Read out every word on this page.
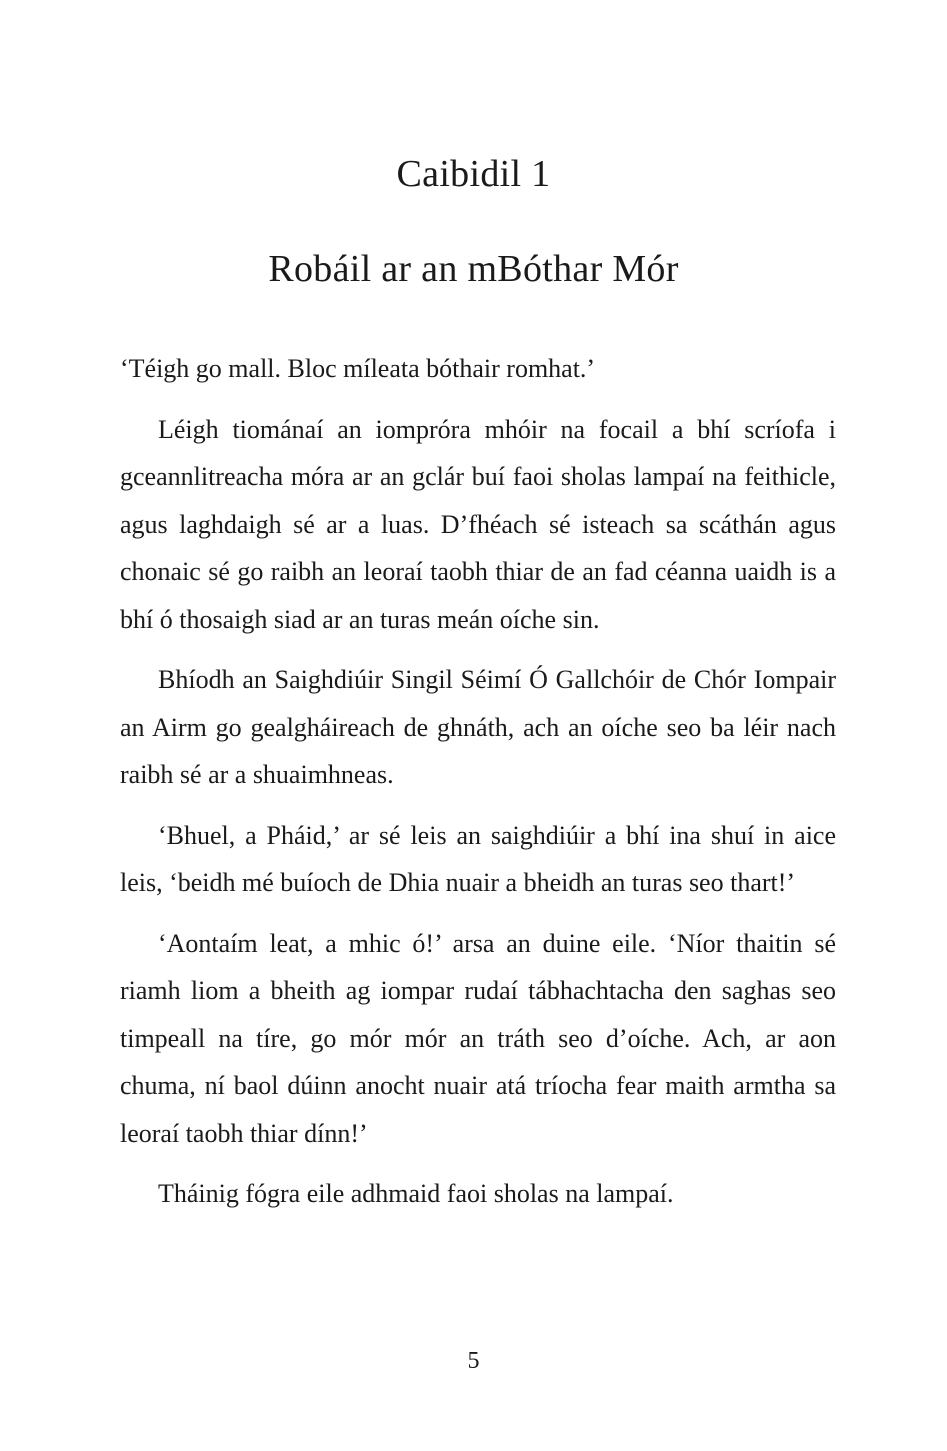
Caibidil 1
Robáil ar an mBóthar Mór

‘Téigh go mall. Bloc míleata bóthair romhat.’

Léigh tiománaí an iompróra mhóir na focail a bhí scríofa i gceannlitreacha móra ar an gclár buí faoi sholas lampaí na feithicle, agus laghdaigh sé ar a luas. D’fhéach sé isteach sa scáthán agus chonaic sé go raibh an leoraí taobh thiar de an fad céanna uaidh is a bhí ó thosaigh siad ar an turas meán oíche sin.

Bhíodh an Saighdiúir Singil Séimí Ó Gallchóir de Chór Iompair an Airm go gealgháireach de ghnáth, ach an oíche seo ba léir nach raibh sé ar a shuaimhneas.

‘Bhuel, a Pháid,’ ar sé leis an saighdiúir a bhí ina shuí in aice leis, ‘beidh mé buíoch de Dhia nuair a bheidh an turas seo thart!’

‘Aontaím leat, a mhic ó!’ arsa an duine eile. ‘Níor thaitin sé riamh liom a bheith ag iompar rudaí tábhachtacha den saghas seo timpeall na tíre, go mór mór an tráth seo d’oíche. Ach, ar aon chuma, ní baol dúinn anocht nuair atá tríocha fear maith armtha sa leoraí taobh thiar dínn!’

Tháinig fógra eile adhmaid faoi sholas na lampaí.

5
